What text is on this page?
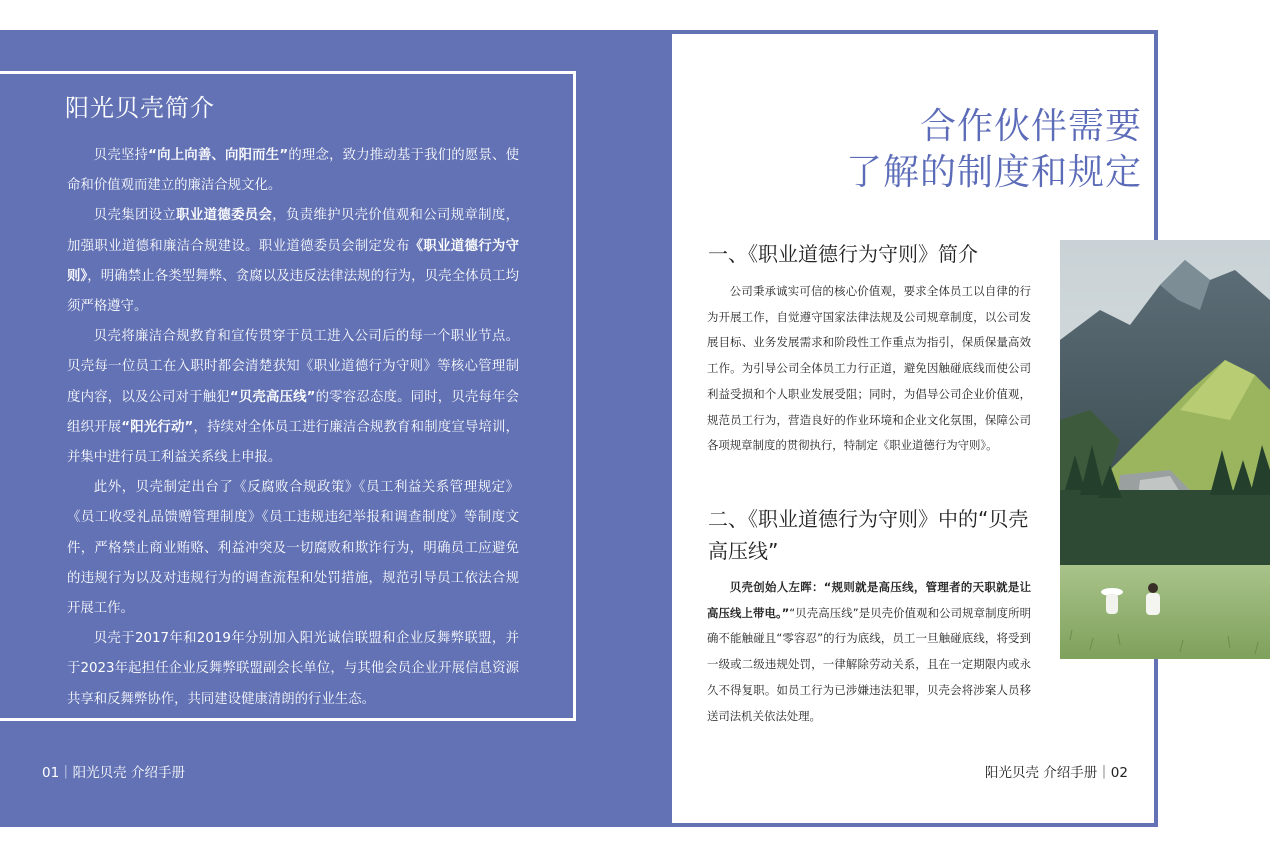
阳光贝壳简介

贝壳坚持“向上向善、向阳而生”的理念，致力推动基于我们的愿景、使命和价值观而建立的廉洁合规文化。

贝壳集团设立职业道德委员会，负责维护贝壳价值观和公司规章制度，加强职业道德和廉洁合规建设。职业道德委员会制定发布《职业道德行为守则》，明确禁止各类型舞弊、贪腐以及违反法律法规的行为，贝壳全体员工均须严格遵守。

贝壳将廉洁合规教育和宣传贯穿于员工进入公司后的每一个职业节点。贝壳每一位员工在入职时都会清楚获知《职业道德行为守则》等核心管理制度内容，以及公司对于触犯“贝壳高压线”的零容忍态度。同时，贝壳每年会组织开展“阳光行动”，持续对全体员工进行廉洁合规教育和制度宣导培训，并集中进行员工利益关系线上申报。

此外，贝壳制定出台了《反腐败合规政策》《员工利益关系管理规定》《员工收受礼品馈赠管理制度》《员工违规违纪举报和调查制度》等制度文件，严格禁止商业贿赂、利益冲突及一切腐败和欺诈行为，明确员工应避免的违规行为以及对违规行为的调查流程和处罚措施，规范引导员工依法合规开展工作。

贝壳于2017年和2019年分别加入阳光诚信联盟和企业反舞弊联盟，并于2023年起担任企业反舞弊联盟副会长单位，与其他会员企业开展信息资源共享和反舞弊协作，共同建设健康清朗的行业生态。

01｜阳光贝壳 介绍手册
合作伙伴需要
了解的制度和规定
一、《职业道德行为守则》简介

公司秉承诚实可信的核心价值观，要求全体员工以自律的行为开展工作，自觉遵守国家法律法规及公司规章制度，以公司发展目标、业务发展需求和阶段性工作重点为指引，保质保量高效工作。为引导公司全体员工力行正道，避免因触碰底线而使公司利益受损和个人职业发展受阻；同时，为倡导公司企业价值观，规范员工行为，营造良好的作业环境和企业文化氛围，保障公司各项规章制度的贯彻执行，特制定《职业道德行为守则》。

二、《职业道德行为守则》中的“贝壳高压线”

贝壳创始人左晖：“规则就是高压线，管理者的天职就是让高压线上带电。”“贝壳高压线”是贝壳价值观和公司规章制度所明确不能触碰且“零容忍”的行为底线，员工一旦触碰底线，将受到一级或二级违规处罚，一律解除劳动关系，且在一定期限内或永久不得复职。如员工行为已涉嫌违法犯罪，贝壳会将涉案人员移送司法机关依法处理。

阳光贝壳 介绍手册｜02
